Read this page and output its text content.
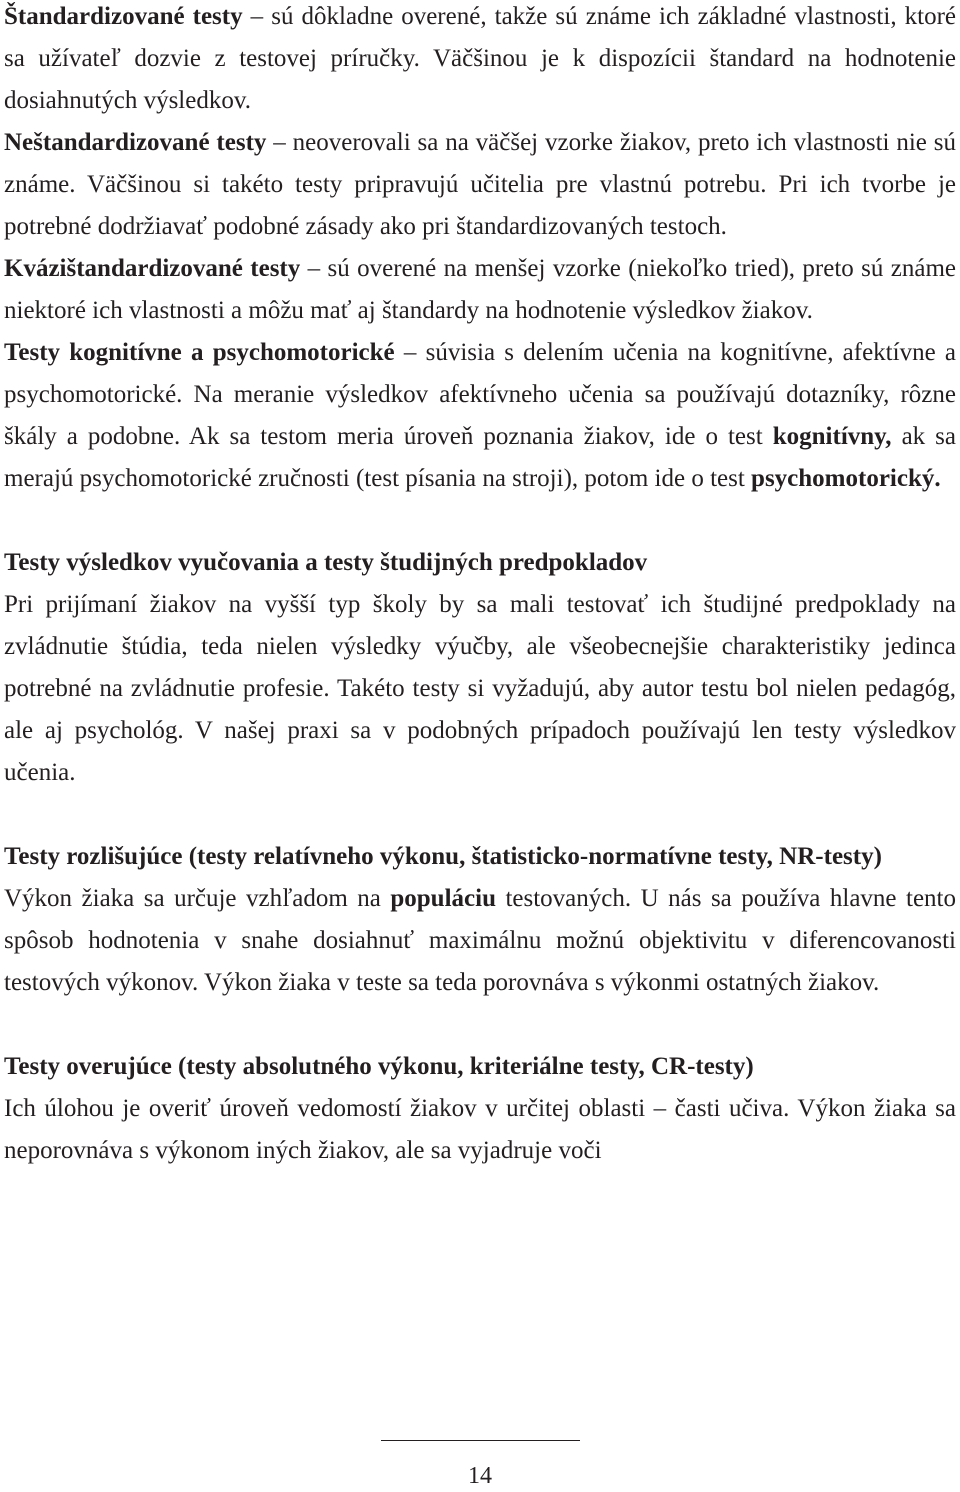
Štandardizované testy – sú dôkladne overené, takže sú známe ich základné vlastnosti, ktoré sa užívateľ dozvie z testovej príručky. Väčšinou je k dispozícii štandard na hodnotenie dosiahnutých výsledkov.

Neštandardizované testy – neoverovali sa na väčšej vzorke žiakov, preto ich vlastnosti nie sú známe. Väčšinou si takéto testy pripravujú učitelia pre vlastnú potrebu. Pri ich tvorbe je potrebné dodržiavať podobné zásady ako pri štandardizovaných testoch.

Kvázištandardizované testy – sú overené na menšej vzorke (niekoľko tried), preto sú známe niektoré ich vlastnosti a môžu mať aj štandardy na hodnotenie výsledkov žiakov.

Testy kognitívne a psychomotorické – súvisia s delením učenia na kognitívne, afektívne a psychomotorické. Na meranie výsledkov afektívneho učenia sa používajú dotazníky, rôzne škály a podobne. Ak sa testom meria úroveň poznania žiakov, ide o test kognitívny, ak sa merajú psychomotorické zručnosti (test písania na stroji), potom ide o test psychomotorický.

Testy výsledkov vyučovania a testy študijných predpokladov

Pri prijímaní žiakov na vyšší typ školy by sa mali testovať ich študijné predpoklady na zvládnutie štúdia, teda nielen výsledky výučby, ale všeobecnejšie charakteristiky jedinca potrebné na zvládnutie profesie. Takéto testy si vyžadujú, aby autor testu bol nielen pedagóg, ale aj psychológ. V našej praxi sa v podobných prípadoch používajú len testy výsledkov učenia.

Testy rozlišujúce (testy relatívneho výkonu, štatisticko-normatívne testy, NR-testy)

Výkon žiaka sa určuje vzhľadom na populáciu testovaných. U nás sa používa hlavne tento spôsob hodnotenia v snahe dosiahnuť maximálnu možnú objektivitu v diferencovanosti testových výkonov. Výkon žiaka v teste sa teda porovnáva s výkonmi ostatných žiakov.

Testy overujúce (testy absolutného výkonu, kriteriálne testy, CR-testy)

Ich úlohou je overiť úroveň vedomostí žiakov v určitej oblasti – časti učiva. Výkon žiaka sa neporovnáva s výkonom iných žiakov, ale sa vyjadruje voči

14
